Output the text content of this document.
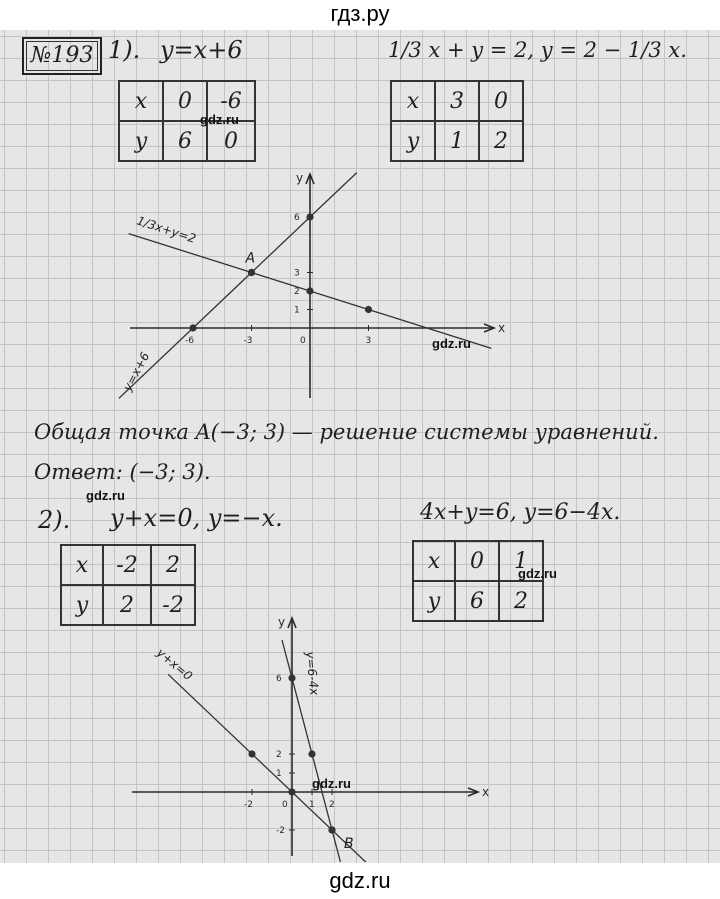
гдз.ру
№193 1). y=x+6	1/3 x + y = 2, y = 2 − 1/3 x.
x	0	-6
y	6	0
x	3	0
y	1	2
gdz.ru
x
y
-6	-3	0	3
1
2
3
6
y=x+6
1/3x+y=2
A
gdz.ru
Общая точка A(−3; 3) — решение системы уравнений.
Ответ: (−3; 3).
gdz.ru
2). y+x=0, y=−x.	4x+y=6, y=6−4x.
x	-2	2
y	2	-2
x	0	1
y	6	2
gdz.ru
x
y
-2	0 1 2
6
2
1
-2
y+x=0	y=6-4x
B
gdz.ru
gdz.ru
